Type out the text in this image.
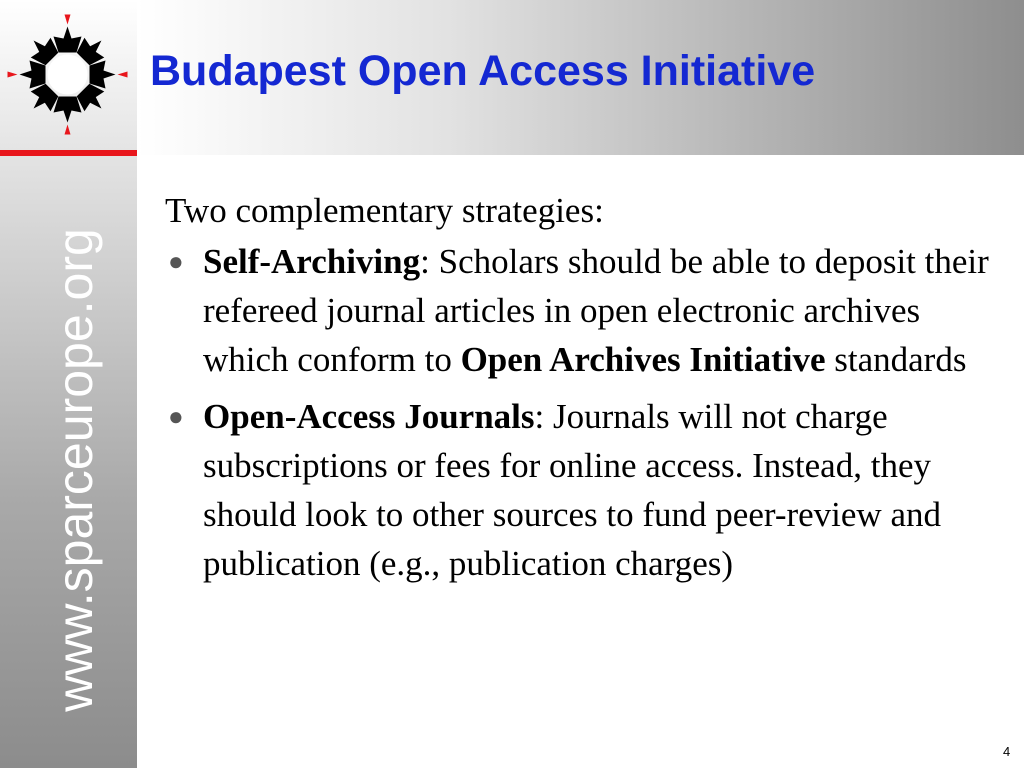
www.sparceurope.org
Budapest Open Access Initiative

Two complementary strategies:

● Self-Archiving: Scholars should be able to deposit their refereed journal articles in open electronic archives which conform to Open Archives Initiative standards

● Open-Access Journals: Journals will not charge subscriptions or fees for online access. Instead, they should look to other sources to fund peer-review and publication (e.g., publication charges)

4
